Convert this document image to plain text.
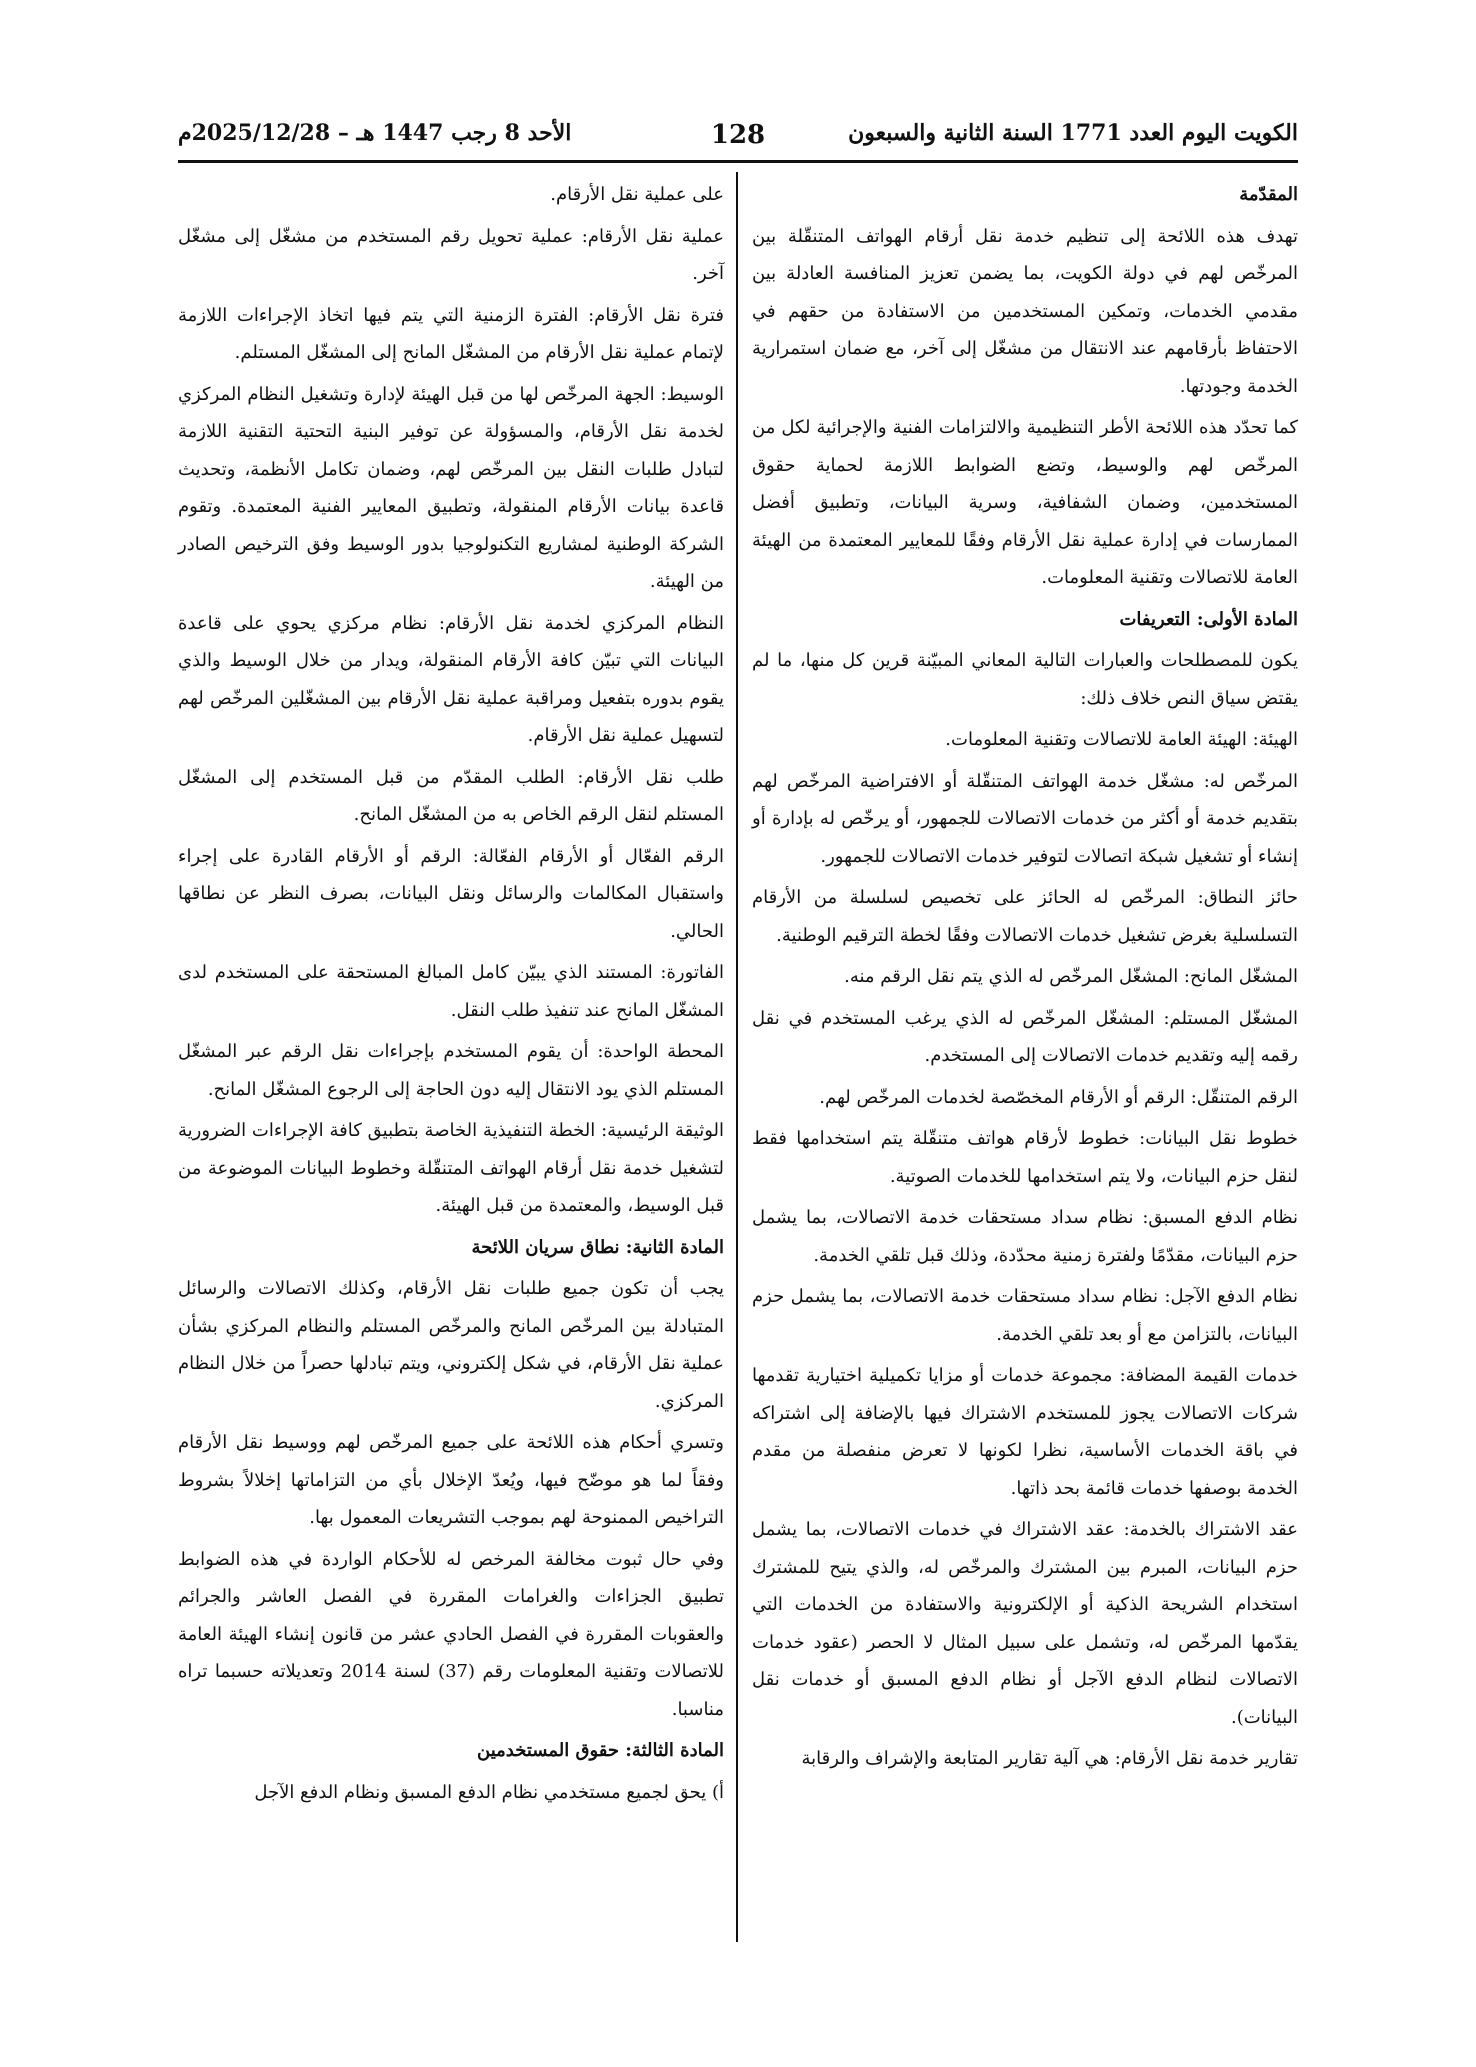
الكويت اليوم العدد 1771 السنة الثانية والسبعون
128
الأحد 8 رجب 1447 هـ – 2025/12/28م

المقدّمة

تهدف هذه اللائحة إلى تنظيم خدمة نقل أرقام الهواتف المتنقّلة بين المرخّص لهم في دولة الكويت، بما يضمن تعزيز المنافسة العادلة بين مقدمي الخدمات، وتمكين المستخدمين من الاستفادة من حقهم في الاحتفاظ بأرقامهم عند الانتقال من مشغّل إلى آخر، مع ضمان استمرارية الخدمة وجودتها.

كما تحدّد هذه اللائحة الأطر التنظيمية والالتزامات الفنية والإجرائية لكل من المرخّص لهم والوسيط، وتضع الضوابط اللازمة لحماية حقوق المستخدمين، وضمان الشفافية، وسرية البيانات، وتطبيق أفضل الممارسات في إدارة عملية نقل الأرقام وفقًا للمعايير المعتمدة من الهيئة العامة للاتصالات وتقنية المعلومات.

المادة الأولى: التعريفات

يكون للمصطلحات والعبارات التالية المعاني المبيّنة قرين كل منها، ما لم يقتض سياق النص خلاف ذلك:

الهيئة: الهيئة العامة للاتصالات وتقنية المعلومات.

المرخّص له: مشغّل خدمة الهواتف المتنقّلة أو الافتراضية المرخّص لهم بتقديم خدمة أو أكثر من خدمات الاتصالات للجمهور، أو يرخّص له بإدارة أو إنشاء أو تشغيل شبكة اتصالات لتوفير خدمات الاتصالات للجمهور.

حائز النطاق: المرخّص له الحائز على تخصيص لسلسلة من الأرقام التسلسلية بغرض تشغيل خدمات الاتصالات وفقًا لخطة الترقيم الوطنية.

المشغّل المانح: المشغّل المرخّص له الذي يتم نقل الرقم منه.

المشغّل المستلم: المشغّل المرخّص له الذي يرغب المستخدم في نقل رقمه إليه وتقديم خدمات الاتصالات إلى المستخدم.

الرقم المتنقّل: الرقم أو الأرقام المخصّصة لخدمات المرخّص لهم.

خطوط نقل البيانات: خطوط لأرقام هواتف متنقّلة يتم استخدامها فقط لنقل حزم البيانات، ولا يتم استخدامها للخدمات الصوتية.

نظام الدفع المسبق: نظام سداد مستحقات خدمة الاتصالات، بما يشمل حزم البيانات، مقدّمًا ولفترة زمنية محدّدة، وذلك قبل تلقي الخدمة.

نظام الدفع الآجل: نظام سداد مستحقات خدمة الاتصالات، بما يشمل حزم البيانات، بالتزامن مع أو بعد تلقي الخدمة.

خدمات القيمة المضافة: مجموعة خدمات أو مزايا تكميلية اختيارية تقدمها شركات الاتصالات يجوز للمستخدم الاشتراك فيها بالإضافة إلى اشتراكه في باقة الخدمات الأساسية، نظرا لكونها لا تعرض منفصلة من مقدم الخدمة بوصفها خدمات قائمة بحد ذاتها.

عقد الاشتراك بالخدمة: عقد الاشتراك في خدمات الاتصالات، بما يشمل حزم البيانات، المبرم بين المشترك والمرخّص له، والذي يتيح للمشترك استخدام الشريحة الذكية أو الإلكترونية والاستفادة من الخدمات التي يقدّمها المرخّص له، وتشمل على سبيل المثال لا الحصر (عقود خدمات الاتصالات لنظام الدفع الآجل أو نظام الدفع المسبق أو خدمات نقل البيانات).

تقارير خدمة نقل الأرقام: هي آلية تقارير المتابعة والإشراف والرقابة

على عملية نقل الأرقام.

عملية نقل الأرقام: عملية تحويل رقم المستخدم من مشغّل إلى مشغّل آخر.

فترة نقل الأرقام: الفترة الزمنية التي يتم فيها اتخاذ الإجراءات اللازمة لإتمام عملية نقل الأرقام من المشغّل المانح إلى المشغّل المستلم.

الوسيط: الجهة المرخّص لها من قبل الهيئة لإدارة وتشغيل النظام المركزي لخدمة نقل الأرقام، والمسؤولة عن توفير البنية التحتية التقنية اللازمة لتبادل طلبات النقل بين المرخّص لهم، وضمان تكامل الأنظمة، وتحديث قاعدة بيانات الأرقام المنقولة، وتطبيق المعايير الفنية المعتمدة. وتقوم الشركة الوطنية لمشاريع التكنولوجيا بدور الوسيط وفق الترخيص الصادر من الهيئة.

النظام المركزي لخدمة نقل الأرقام: نظام مركزي يحوي على قاعدة البيانات التي تبيّن كافة الأرقام المنقولة، ويدار من خلال الوسيط والذي يقوم بدوره بتفعيل ومراقبة عملية نقل الأرقام بين المشغّلين المرخّص لهم لتسهيل عملية نقل الأرقام.

طلب نقل الأرقام: الطلب المقدّم من قبل المستخدم إلى المشغّل المستلم لنقل الرقم الخاص به من المشغّل المانح.

الرقم الفعّال أو الأرقام الفعّالة: الرقم أو الأرقام القادرة على إجراء واستقبال المكالمات والرسائل ونقل البيانات، بصرف النظر عن نطاقها الحالي.

الفاتورة: المستند الذي يبيّن كامل المبالغ المستحقة على المستخدم لدى المشغّل المانح عند تنفيذ طلب النقل.

المحطة الواحدة: أن يقوم المستخدم بإجراءات نقل الرقم عبر المشغّل المستلم الذي يود الانتقال إليه دون الحاجة إلى الرجوع المشغّل المانح.

الوثيقة الرئيسية: الخطة التنفيذية الخاصة بتطبيق كافة الإجراءات الضرورية لتشغيل خدمة نقل أرقام الهواتف المتنقّلة وخطوط البيانات الموضوعة من قبل الوسيط، والمعتمدة من قبل الهيئة.

المادة الثانية: نطاق سريان اللائحة

يجب أن تكون جميع طلبات نقل الأرقام، وكذلك الاتصالات والرسائل المتبادلة بين المرخّص المانح والمرخّص المستلم والنظام المركزي بشأن عملية نقل الأرقام، في شكل إلكتروني، ويتم تبادلها حصراً من خلال النظام المركزي.

وتسري أحكام هذه اللائحة على جميع المرخّص لهم ووسيط نقل الأرقام وفقاً لما هو موضّح فيها، ويُعدّ الإخلال بأي من التزاماتها إخلالاً بشروط التراخيص الممنوحة لهم بموجب التشريعات المعمول بها.

وفي حال ثبوت مخالفة المرخص له للأحكام الواردة في هذه الضوابط تطبيق الجزاءات والغرامات المقررة في الفصل العاشر والجرائم والعقوبات المقررة في الفصل الحادي عشر من قانون إنشاء الهيئة العامة للاتصالات وتقنية المعلومات رقم (37) لسنة 2014 وتعديلاته حسبما تراه مناسبا.

المادة الثالثة: حقوق المستخدمين

أ) يحق لجميع مستخدمي نظام الدفع المسبق ونظام الدفع الآجل
